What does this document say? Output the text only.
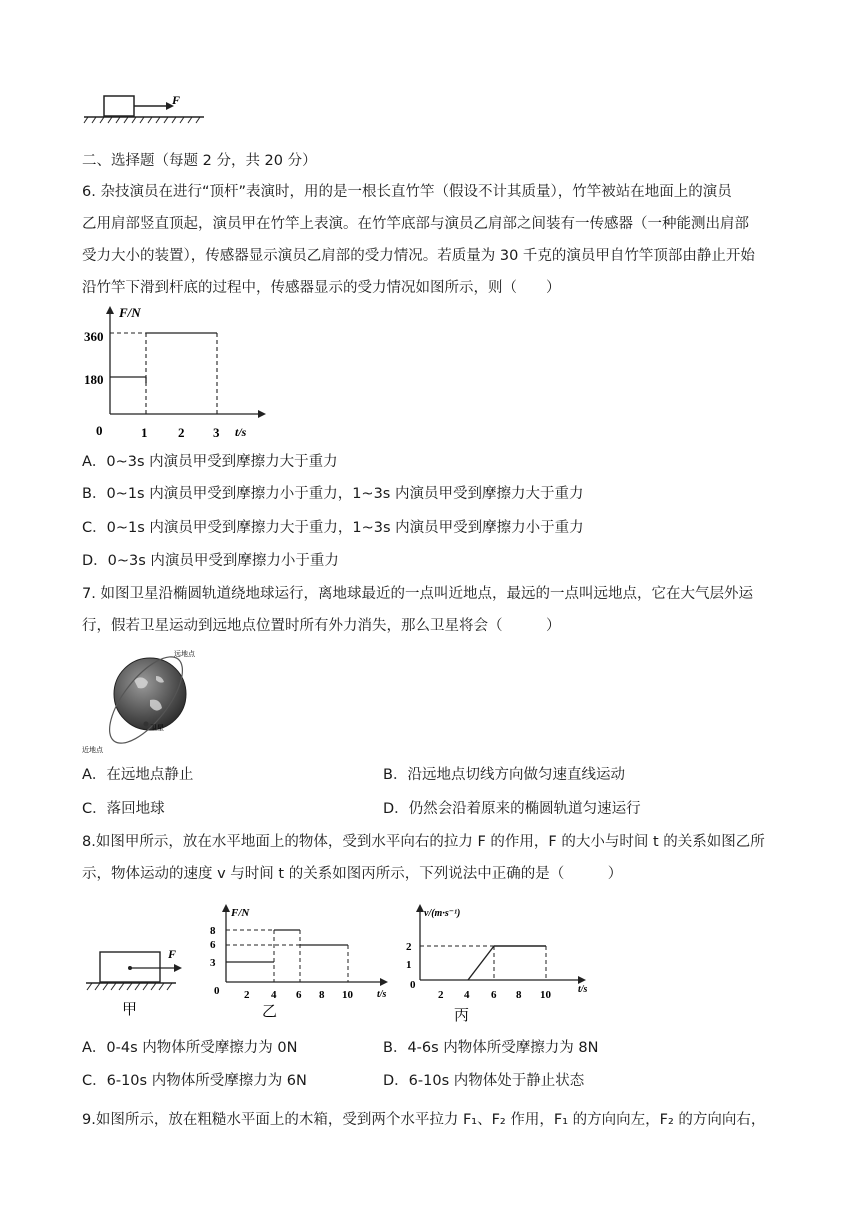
F
二、选择题（每题 2 分，共 20 分）
6. 杂技演员在进行“顶杆”表演时，用的是一根长直竹竿（假设不计其质量），竹竿被站在地面上的演员
乙用肩部竖直顶起，演员甲在竹竿上表演。在竹竿底部与演员乙肩部之间装有一传感器（一种能测出肩部
受力大小的装置），传感器显示演员乙肩部的受力情况。若质量为 30 千克的演员甲自竹竿顶部由静止开始
沿竹竿下滑到杆底的过程中，传感器显示的受力情况如图所示，则（　　）
F/N
t/s
360
180
0	1 2 3
A．0~3s 内演员甲受到摩擦力大于重力
B．0~1s 内演员甲受到摩擦力小于重力，1~3s 内演员甲受到摩擦力大于重力
C．0~1s 内演员甲受到摩擦力大于重力，1~3s 内演员甲受到摩擦力小于重力
D．0~3s 内演员甲受到摩擦力小于重力
7. 如图卫星沿椭圆轨道绕地球运行，离地球最近的一点叫近地点，最远的一点叫远地点，它在大气层外运
行，假若卫星运动到远地点位置时所有外力消失，那么卫星将会（　　　）
远地点
卫星
近地点
A．在远地点静止	B．沿远地点切线方向做匀速直线运动
C．落回地球	D．仍然会沿着原来的椭圆轨道匀速运行
8.如图甲所示，放在水平地面上的物体，受到水平向右的拉力 F 的作用，F 的大小与时间 t 的关系如图乙所
示，物体运动的速度 v 与时间 t 的关系如图丙所示，下列说法中正确的是（　　　）
F
甲
F/N
t/s
8
6
3
0 2 4 6 8 10
乙
v/(m·s⁻¹)
t/s
2
1
0
2 4 6 8 10
丙
A．0-4s 内物体所受摩擦力为 0N	B．4-6s 内物体所受摩擦力为 8N
C．6-10s 内物体所受摩擦力为 6N	D．6-10s 内物体处于静止状态
9.如图所示，放在粗糙水平面上的木箱，受到两个水平拉力 F₁、F₂ 作用，F₁ 的方向向左，F₂ 的方向向右，
